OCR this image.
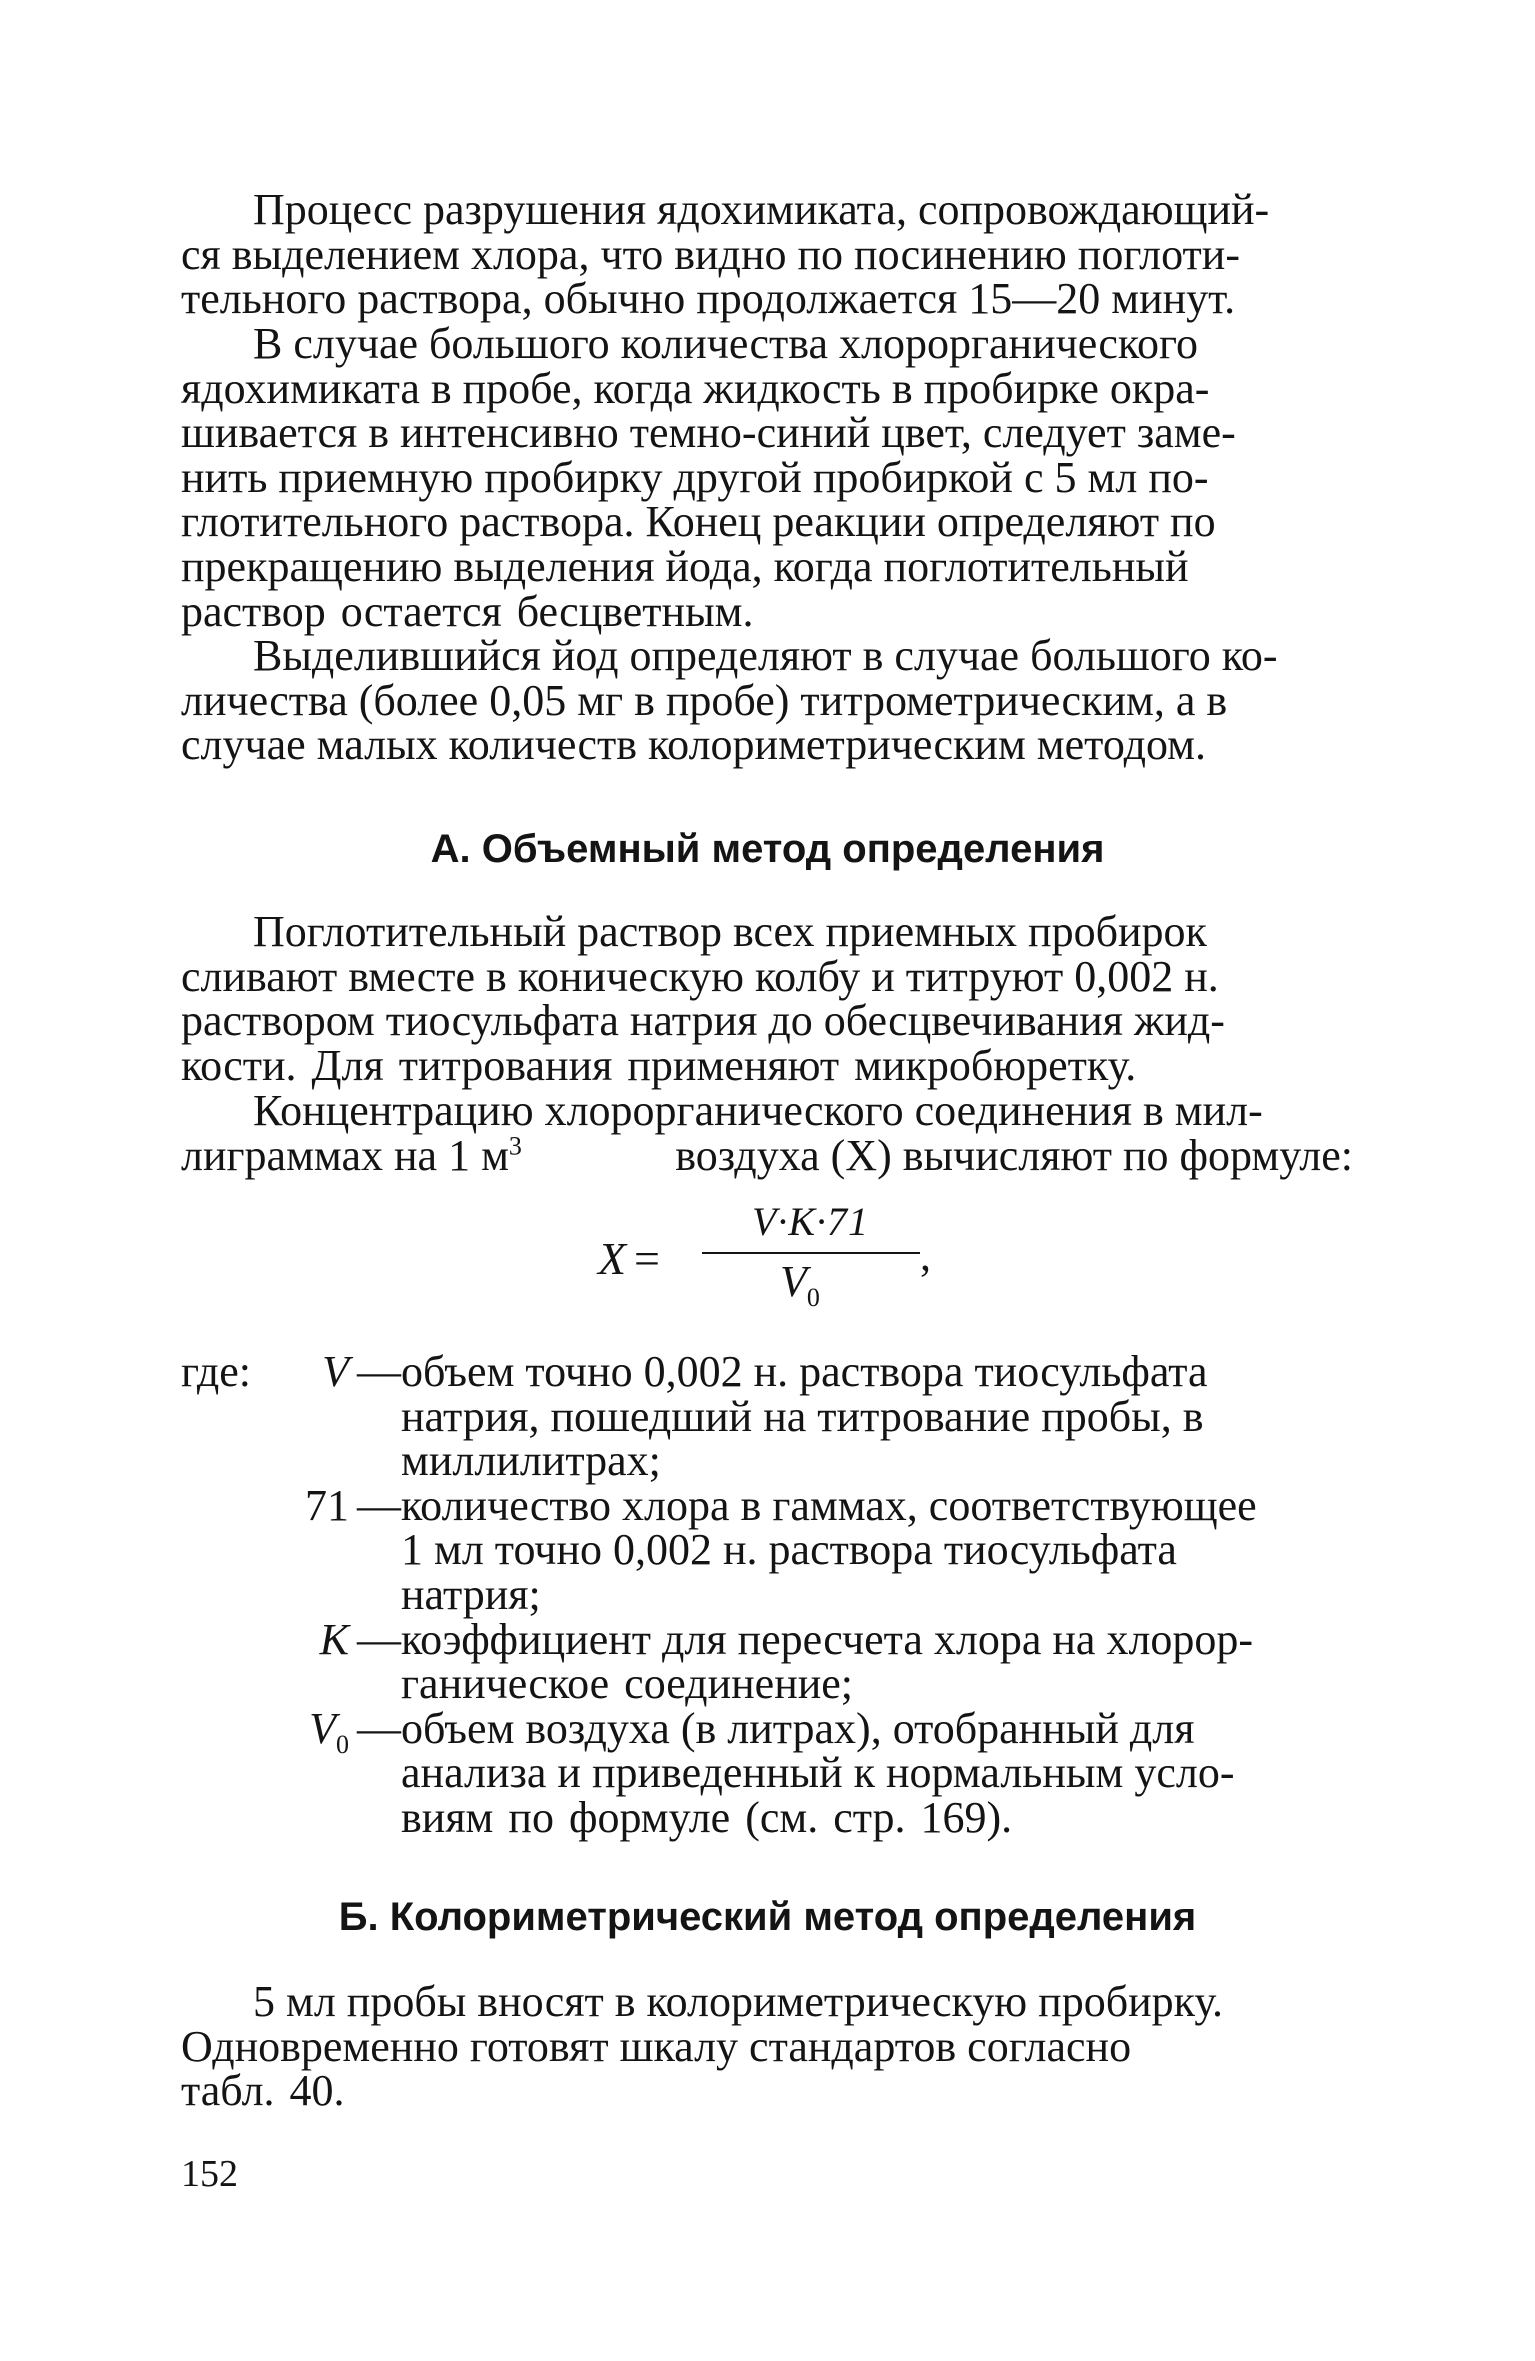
Процесс разрушения ядохимиката, сопровождающий-
ся выделением хлора, что видно по посинению поглоти-
тельного раствора, обычно продолжается 15—20 минут.
В случае большого количества хлорорганического
ядохимиката в пробе, когда жидкость в пробирке окра-
шивается в интенсивно темно-синий цвет, следует заме-
нить приемную пробирку другой пробиркой с 5 мл по-
глотительного раствора. Конец реакции определяют по
прекращению выделения йода, когда поглотительный
раствор остается бесцветным.
Выделившийся йод определяют в случае большого ко-
личества (более 0,05 мг в пробе) титрометрическим, а в
случае малых количеств колориметрическим методом.
А. Объемный метод определения
Поглотительный раствор всех приемных пробирок
сливают вместе в коническую колбу и титруют 0,002 н.
раствором тиосульфата натрия до обесцвечивания жид-
кости. Для титрования применяют микробюретку.
Концентрацию хлорорганического соединения в мил-
лиграммах на 1 $м^3$	воздуха (X) вычисляют по формуле:
X =
V·K·71
,
$V_0$
где: V — объем точно 0,002 н. раствора тиосульфата
натрия, пошедший на титрование пробы, в
миллилитрах;
71 — количество хлора в гаммах, соответствующее
1 мл точно 0,002 н. раствора тиосульфата
натрия;
K — коэффициент для пересчета хлора на хлорор-
ганическое соединение;
$V_0$ — объем воздуха (в литрах), отобранный для
анализа и приведенный к нормальным усло-
виям по формуле (см. стр. 169).
Б. Колориметрический метод определения
5 мл пробы вносят в колориметрическую пробирку.
Одновременно готовят шкалу стандартов согласно
табл. 40.
152
